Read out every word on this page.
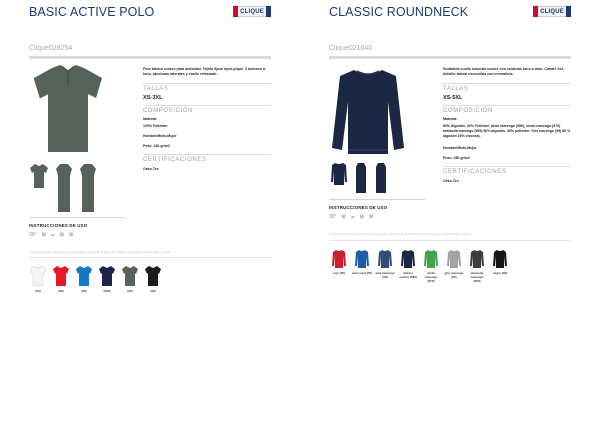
BASIC ACTIVE POLO	CLIQUE
Clique028254
Polo básico unisex para actividad. Tejido Spun dyed piqué. 3 botones a tono, aberturas laterales y cuello reforzado.
TALLAS
XS-3XL
COMPOSICIÓN
Material:
100% Poliéster
Hombre/Mixto,Mujer
Peso: 160 gr/m2
CERTIFICACIONES
Oeko-Tex
INSTRUCCIONES DE USO
30° ⊠ ⌓ ⊠ ⊠
Los productos están disponibles en las categorías mostradas. El precio del producto varía según la tabla de tallas y colores.
(00)	(35)	(55)	(580)	(95)	(99)
CLASSIC ROUNDNECK	CLIQUE
Clique021040
Sudadera cuello redondo unisex con costuras tono a tono. Canalé 2x2, bolsillo lateral escondido con cremallera.
TALLAS
XS-5XL
COMPOSICIÓN
Material:
80% Algodón, 20% Poliéster (Azul marengo (580), verde marengo (670) antracita marengo (955) 50% algodón, 45% poliéster. Gris marengo (95) 85 % algodón 15% viscosa).
Hombre/Mixto,Mujer
Peso: 280 gr/m2
CERTIFICACIONES
Oeko-Tex
INSTRUCCIONES DE USO
30° ⊠ ⌓ ⊠ ⊠
Los productos están disponibles en las categorías mostradas. El precio del producto varía según la tabla de tallas y colores.
rojo (35) azul royal (55) azul marengo (58)
marino oscuro (580)
verde marengo (670)
gris marengo (95)
antracita marengo (955)
negro (99)
